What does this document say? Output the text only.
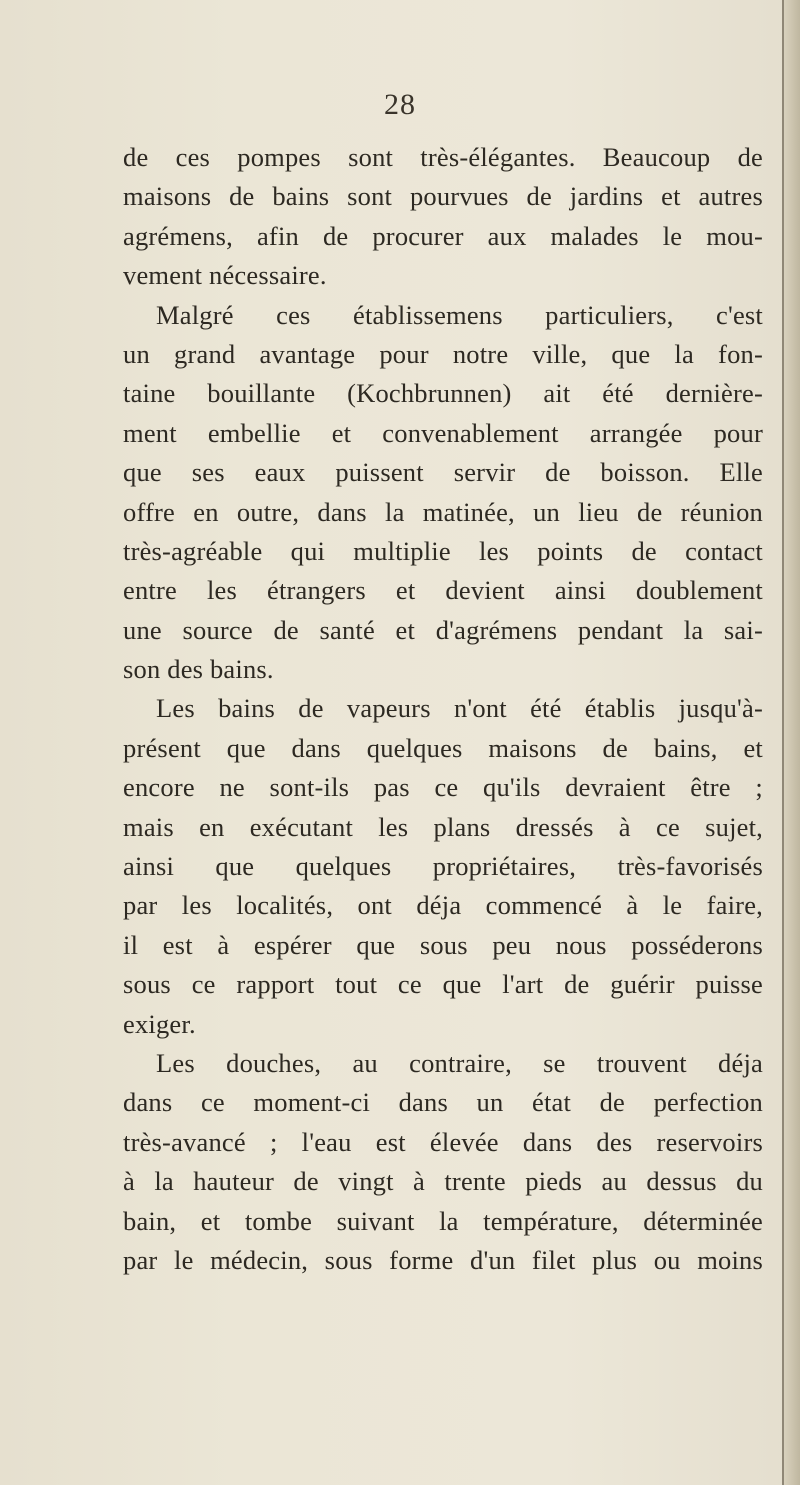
28
de ces pompes sont très-élégantes. Beaucoup de
maisons de bains sont pourvues de jardins et autres
agrémens, afin de procurer aux malades le mou-
vement nécessaire.
Malgré ces établissemens particuliers, c'est
un grand avantage pour notre ville, que la fon-
taine bouillante (Kochbrunnen) ait été dernière-
ment embellie et convenablement arrangée pour
que ses eaux puissent servir de boisson. Elle
offre en outre, dans la matinée, un lieu de réunion
très-agréable qui multiplie les points de contact
entre les étrangers et devient ainsi doublement
une source de santé et d'agrémens pendant la sai-
son des bains.
Les bains de vapeurs n'ont été établis jusqu'à-
présent que dans quelques maisons de bains, et
encore ne sont-ils pas ce qu'ils devraient être ;
mais en exécutant les plans dressés à ce sujet,
ainsi que quelques propriétaires, très-favorisés
par les localités, ont déja commencé à le faire,
il est à espérer que sous peu nous posséderons
sous ce rapport tout ce que l'art de guérir puisse
exiger.
Les douches, au contraire, se trouvent déja
dans ce moment-ci dans un état de perfection
très-avancé ; l'eau est élevée dans des reservoirs
à la hauteur de vingt à trente pieds au dessus du
bain, et tombe suivant la température, déterminée
par le médecin, sous forme d'un filet plus ou moins
